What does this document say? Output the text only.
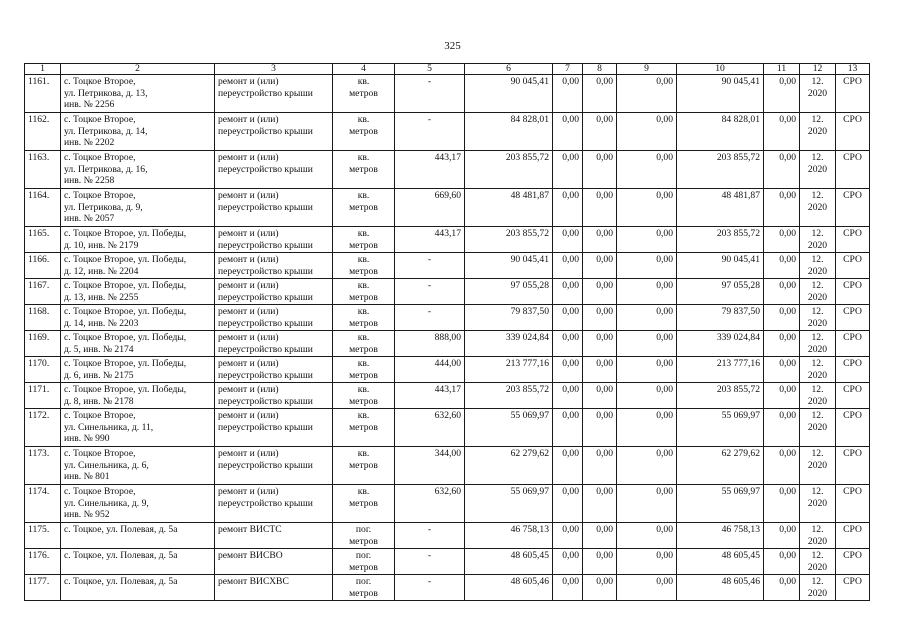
325
1	2	3	4	5	6	7	8	9	10	11	12	13
1161.	с. Тоцкое Второе,
ул. Петрикова, д. 13,
инв. № 2256	ремонт и (или)
переустройство крыши	кв.
метров	-	90 045,41	0,00	0,00	0,00	90 045,41	0,00	12.
2020	СРО
1162.	с. Тоцкое Второе,
ул. Петрикова, д. 14,
инв. № 2202	ремонт и (или)
переустройство крыши	кв.
метров	-	84 828,01	0,00	0,00	0,00	84 828,01	0,00	12.
2020	СРО
1163.	с. Тоцкое Второе,
ул. Петрикова, д. 16,
инв. № 2258	ремонт и (или)
переустройство крыши	кв.
метров	443,17	203 855,72	0,00	0,00	0,00	203 855,72	0,00	12.
2020	СРО
1164.	с. Тоцкое Второе,
ул. Петрикова, д. 9,
инв. № 2057	ремонт и (или)
переустройство крыши	кв.
метров	669,60	48 481,87	0,00	0,00	0,00	48 481,87	0,00	12.
2020	СРО
1165.	с. Тоцкое Второе, ул. Победы,
д. 10, инв. № 2179	ремонт и (или)
переустройство крыши	кв.
метров	443,17	203 855,72	0,00	0,00	0,00	203 855,72	0,00	12.
2020	СРО
1166.	с. Тоцкое Второе, ул. Победы,
д. 12, инв. № 2204	ремонт и (или)
переустройство крыши	кв.
метров	-	90 045,41	0,00	0,00	0,00	90 045,41	0,00	12.
2020	СРО
1167.	с. Тоцкое Второе, ул. Победы,
д. 13, инв. № 2255	ремонт и (или)
переустройство крыши	кв.
метров	-	97 055,28	0,00	0,00	0,00	97 055,28	0,00	12.
2020	СРО
1168.	с. Тоцкое Второе, ул. Победы,
д. 14, инв. № 2203	ремонт и (или)
переустройство крыши	кв.
метров	-	79 837,50	0,00	0,00	0,00	79 837,50	0,00	12.
2020	СРО
1169.	с. Тоцкое Второе, ул. Победы,
д. 5, инв. № 2174	ремонт и (или)
переустройство крыши	кв.
метров	888,00	339 024,84	0,00	0,00	0,00	339 024,84	0,00	12.
2020	СРО
1170.	с. Тоцкое Второе, ул. Победы,
д. 6, инв. № 2175	ремонт и (или)
переустройство крыши	кв.
метров	444,00	213 777,16	0,00	0,00	0,00	213 777,16	0,00	12.
2020	СРО
1171.	с. Тоцкое Второе, ул. Победы,
д. 8, инв. № 2178	ремонт и (или)
переустройство крыши	кв.
метров	443,17	203 855,72	0,00	0,00	0,00	203 855,72	0,00	12.
2020	СРО
1172.	с. Тоцкое Второе,
ул. Синельника, д. 11,
инв. № 990	ремонт и (или)
переустройство крыши	кв.
метров	632,60	55 069,97	0,00	0,00	0,00	55 069,97	0,00	12.
2020	СРО
1173.	с. Тоцкое Второе,
ул. Синельника, д. 6,
инв. № 801	ремонт и (или)
переустройство крыши	кв.
метров	344,00	62 279,62	0,00	0,00	0,00	62 279,62	0,00	12.
2020	СРО
1174.	с. Тоцкое Второе,
ул. Синельника, д. 9,
инв. № 952	ремонт и (или)
переустройство крыши	кв.
метров	632,60	55 069,97	0,00	0,00	0,00	55 069,97	0,00	12.
2020	СРО
1175.	с. Тоцкое, ул. Полевая, д. 5а	ремонт ВИСТС	пог.
метров	-	46 758,13	0,00	0,00	0,00	46 758,13	0,00	12.
2020	СРО
1176.	с. Тоцкое, ул. Полевая, д. 5а	ремонт ВИСВО	пог.
метров	-	48 605,45	0,00	0,00	0,00	48 605,45	0,00	12.
2020	СРО
1177.	с. Тоцкое, ул. Полевая, д. 5а	ремонт ВИСХВС	пог.
метров	-	48 605,46	0,00	0,00	0,00	48 605,46	0,00	12.
2020	СРО
